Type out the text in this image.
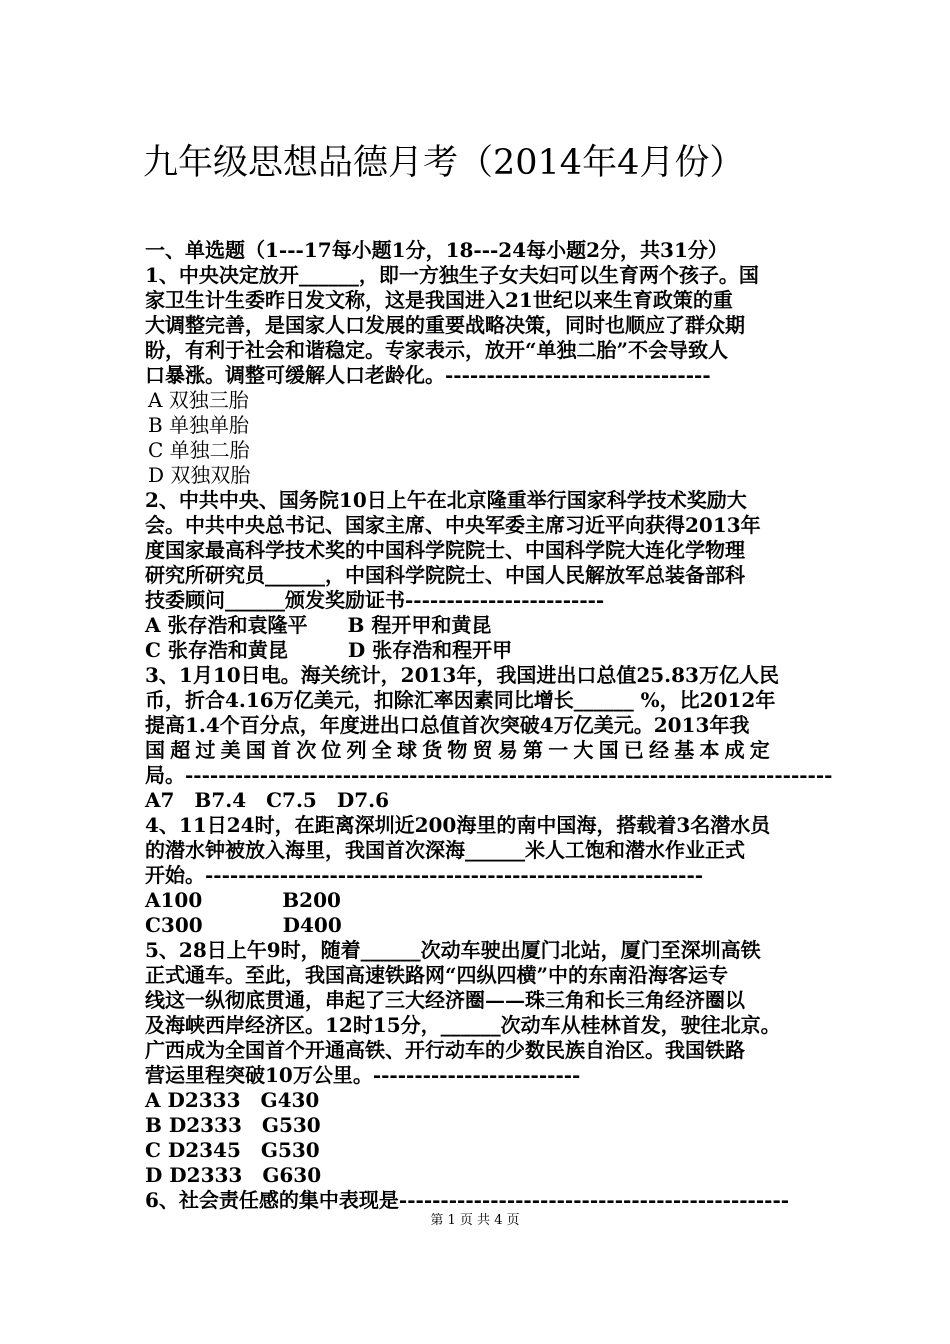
九年级思想品德月考（2014年4月份）
一、单选题（1---17每小题1分，18---24每小题2分，共31分）
1、中央决定放开______，即一方独生子女夫妇可以生育两个孩子。国
家卫生计生委昨日发文称，这是我国进入21世纪以来生育政策的重
大调整完善，是国家人口发展的重要战略决策，同时也顺应了群众期
盼，有利于社会和谐稳定。专家表示，放开“单独二胎”不会导致人
口暴涨。调整可缓解人口老龄化。--------------------------------
A 双独三胎
B 单独单胎
C 单独二胎
D 双独双胎
2、中共中央、国务院10日上午在北京隆重举行国家科学技术奖励大
会。中共中央总书记、国家主席、中央军委主席习近平向获得2013年
度国家最高科学技术奖的中国科学院院士、中国科学院大连化学物理
研究所研究员______，中国科学院院士、中国人民解放军总装备部科
技委顾问______颁发奖励证书------------------------
A 张存浩和袁隆平　　B 程开甲和黄昆
C 张存浩和黄昆　　　D 张存浩和程开甲
3、1月10日电。海关统计，2013年，我国进出口总值25.83万亿人民
币，折合4.16万亿美元，扣除汇率因素同比增长______ %，比2012年
提高1.4个百分点，年度进出口总值首次突破4万亿美元。2013年我
国超过美国首次位列全球货物贸易第一大国已经基本成定
局。------------------------------------------------------------------------------
A7　B7.4　C7.5　D7.6
4、11日24时，在距离深圳近200海里的南中国海，搭载着3名潜水员
的潜水钟被放入海里，我国首次深海______米人工饱和潜水作业正式
开始。------------------------------------------------------------
A100　　　　B200
C300　　　　D400
5、28日上午9时，随着______次动车驶出厦门北站，厦门至深圳高铁
正式通车。至此，我国高速铁路网“四纵四横”中的东南沿海客运专
线这一纵彻底贯通，串起了三大经济圈——珠三角和长三角经济圈以
及海峡西岸经济区。12时15分，______次动车从桂林首发，驶往北京。
广西成为全国首个开通高铁、开行动车的少数民族自治区。我国铁路
营运里程突破10万公里。-------------------------
A D2333　G430
B D2333　G530
C D2345　G530
D D2333　G630
6、社会责任感的集中表现是-----------------------------------------------
第 1 页 共 4 页
